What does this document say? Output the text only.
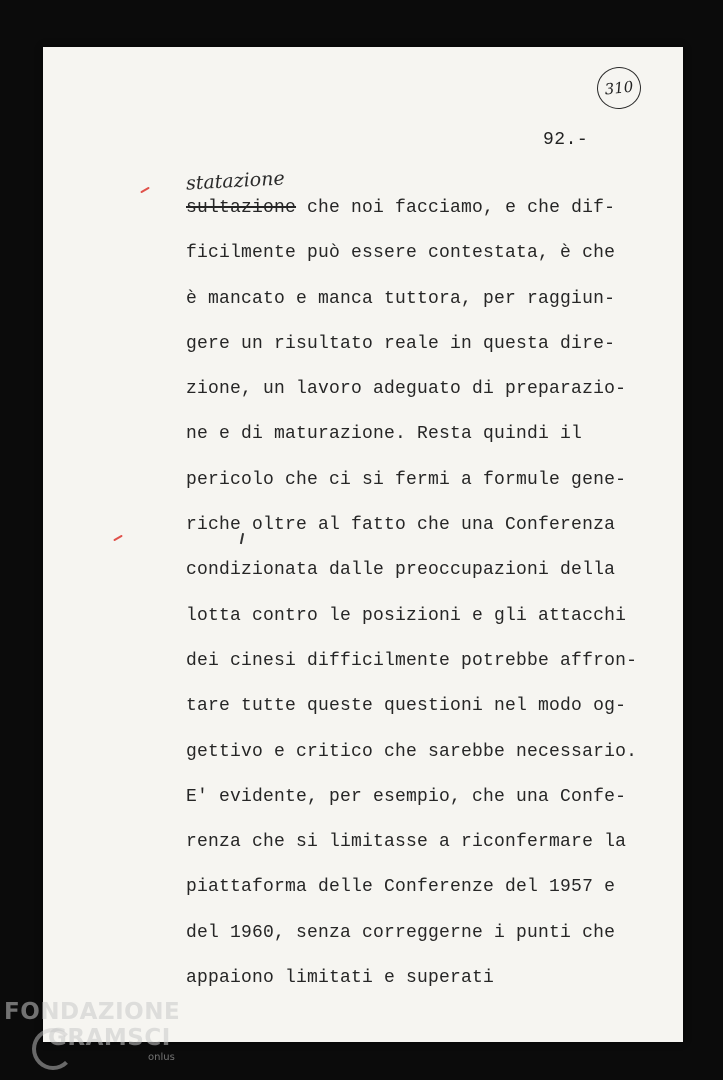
310
92.-
statazione
sultazione che noi facciamo, e che dif-
ficilmente può essere contestata, è che
è mancato e manca tuttora, per raggiun-
gere un risultato reale in questa dire-
zione, un lavoro adeguato di preparazio-
ne e di maturazione. Resta quindi il
pericolo che ci si fermi a formule gene-
riche oltre al fatto che una Conferenza
condizionata dalle preoccupazioni della
lotta contro le posizioni e gli attacchi
dei cinesi difficilmente potrebbe affron-
tare tutte queste questioni nel modo og-
gettivo e critico che sarebbe necessario.
E' evidente, per esempio, che una Confe-
renza che si limitasse a riconfermare la
piattaforma delle Conferenze del 1957 e
del 1960, senza correggerne i punti che
appaiono limitati e superati
FONDAZIONE
GRAMSCI
onlus
